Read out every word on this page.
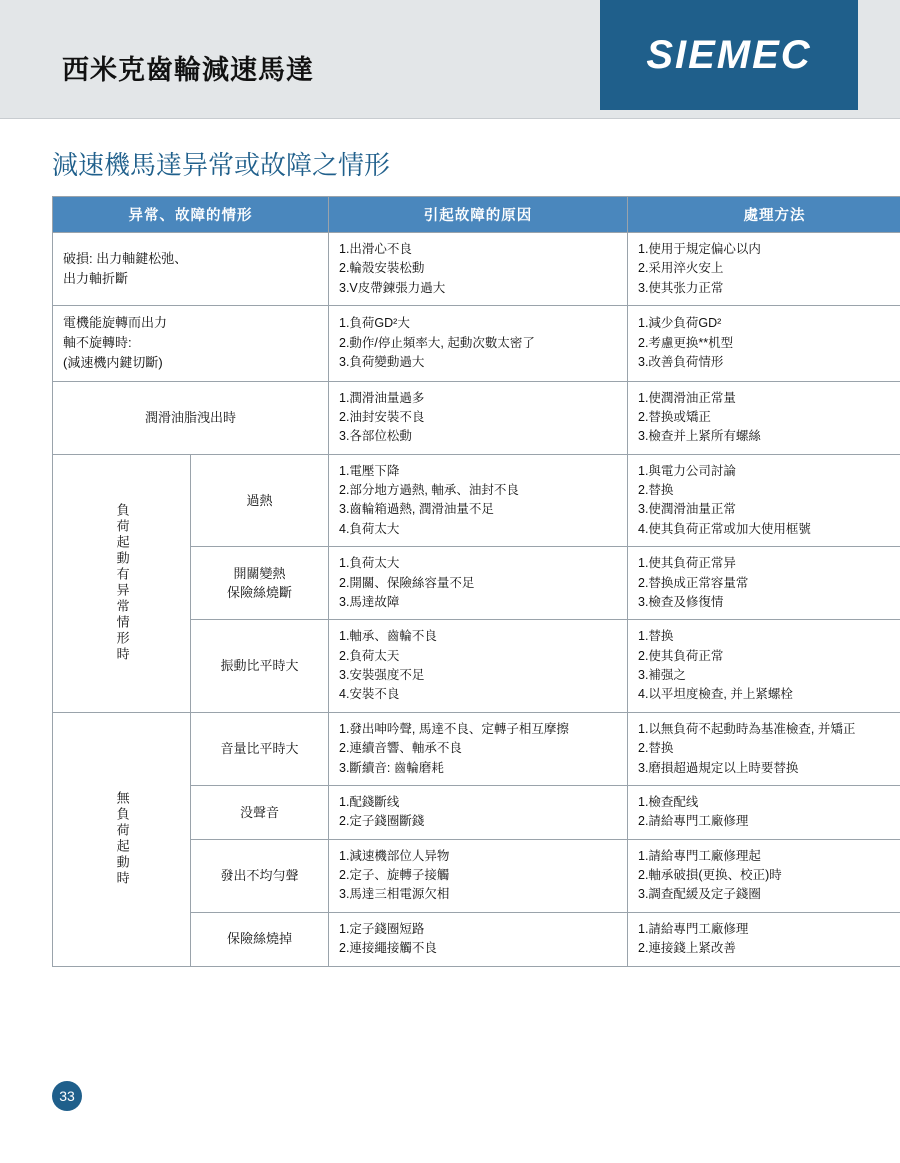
西米克齒輪減速馬達	SIEMEC
減速機馬達异常或故障之情形
异常、故障的情形		引起故障的原因	處理方法

破損: 出力軸鍵松弛、
出力軸折斷		1.出滑心不良
2.輪殼安裝松動
3.V皮帶鍊張力過大	1.使用于規定偏心以内
2.采用淬火安上
3.使其张力正常

電機能旋轉而出力
軸不旋轉時:
(減速機内鍵切斷)		1.負荷GD²大
2.動作/停止頻率大, 起動次數太密了
3.負荷變動過大	1.減少負荷GD²
2.考慮更换**机型
3.改善負荷情形

潤滑油脂洩出時		1.潤滑油量過多
2.油封安裝不良
3.各部位松動	1.使潤滑油正常量
2.替换或矯正
3.檢查并上紧所有螺絲

負荷起動有异常情形時	過熱	1.電壓下降
2.部分地方過熱, 軸承、油封不良
3.齒輪箱過熱, 潤滑油量不足
4.負荷太大	1.與電力公司討論
2.替换
3.使潤滑油量正常
4.使其負荷正常或加大使用框號

	開關變熱
保險絲燒斷	1.負荷太大
2.開關、保險絲容量不足
3.馬達故障	1.使其負荷正常异
2.替换成正常容量常
3.檢查及修復情

	振動比平時大	1.軸承、齒輪不良
2.負荷太天
3.安裝强度不足
4.安裝不良	1.替换
2.使其負荷正常
3.補强之
4.以平坦度檢查, 并上紧螺栓

無負荷起動時	音量比平時大	1.發出呻吟聲, 馬達不良、定轉子相互摩擦
2.連續音響、軸承不良
3.斷續音: 齒輪磨耗	1.以無負荷不起動時為基准檢查, 并矯正
2.替换
3.磨損超過規定以上時要替换

	没聲音	1.配錢斷线
2.定子錢圈斷錢	1.檢查配线
2.請給專門工廠修理

	發出不均勻聲	1.減速機部位人异物
2.定子、旋轉子接觸
3.馬達三相電源欠相	1.請給專門工廠修理起
2.軸承破損(更换、校正)時
3.調查配緩及定子錢圈

	保險絲燒掉	1.定子錢圈短路
2.連接繩接觸不良	1.請給專門工廠修理
2.連接錢上紧改善
33
